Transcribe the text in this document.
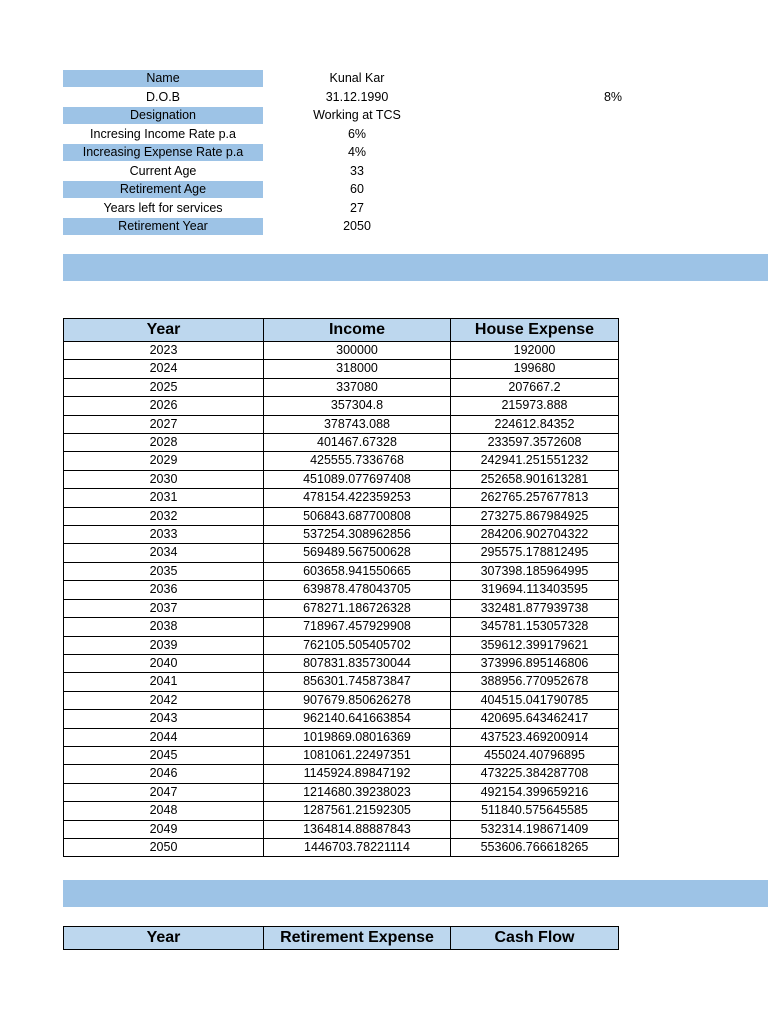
Name	Kunal Kar
D.O.B	31.12.1990	8%
Designation	Working at TCS
Incresing Income Rate p.a	6%
Increasing Expense Rate p.a	4%
Current Age	33
Retirement Age	60
Years left for services	27
Retirement Year	2050
Year	Income	House Expense
2023	300000	192000
2024	318000	199680
2025	337080	207667.2
2026	357304.8	215973.888
2027	378743.088	224612.84352
2028	401467.67328	233597.3572608
2029	425555.7336768	242941.251551232
2030	451089.077697408	252658.901613281
2031	478154.422359253	262765.257677813
2032	506843.687700808	273275.867984925
2033	537254.308962856	284206.902704322
2034	569489.567500628	295575.178812495
2035	603658.941550665	307398.185964995
2036	639878.478043705	319694.113403595
2037	678271.186726328	332481.877939738
2038	718967.457929908	345781.153057328
2039	762105.505405702	359612.399179621
2040	807831.835730044	373996.895146806
2041	856301.745873847	388956.770952678
2042	907679.850626278	404515.041790785
2043	962140.641663854	420695.643462417
2044	1019869.08016369	437523.469200914
2045	1081061.22497351	455024.40796895
2046	1145924.89847192	473225.384287708
2047	1214680.39238023	492154.399659216
2048	1287561.21592305	511840.575645585
2049	1364814.88887843	532314.198671409
2050	1446703.78221114	553606.766618265
Year	Retirement Expense	Cash Flow
